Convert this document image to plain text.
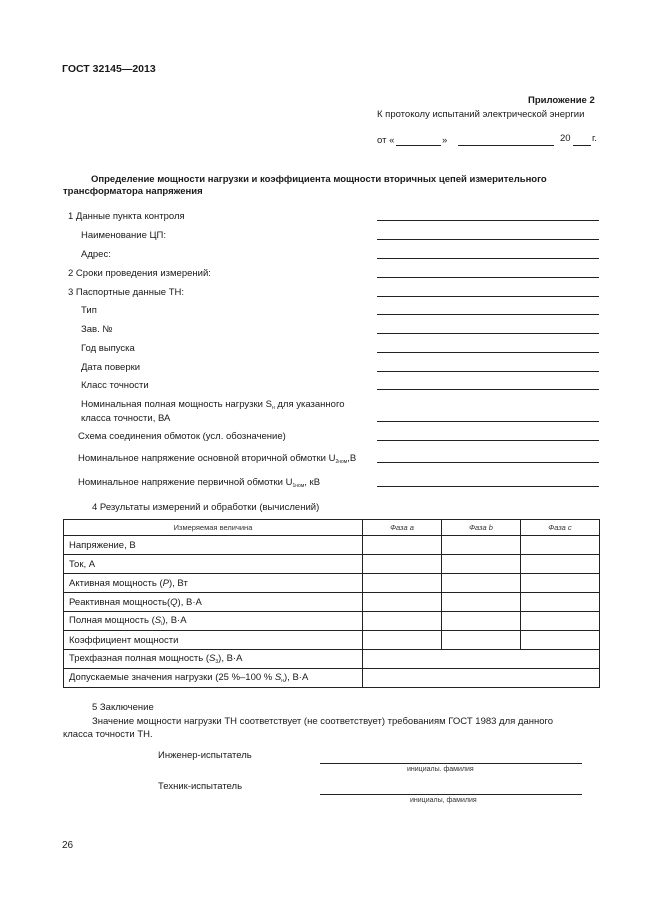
ГОСТ 32145—2013
Приложение 2
К протоколу испытаний электрической энергии
от «	»	20 г.
Определение мощности нагрузки и коэффициента мощности вторичных цепей измерительного
трансформатора напряжения
1 Данные пункта контроля
Наименование ЦП:
Адрес:
2 Сроки проведения измерений:
3 Паспортные данные ТН:
Тип
Зав. №
Год выпуска
Дата поверки
Класс точности
Номинальная полная мощность нагрузки $S_н$ для указанного
класса точности, ВА
Схема соединения обмоток (усл. обозначение)
Номинальное напряжение основной вторичной обмотки $U_{2ном},В$
Номинальное напряжение первичной обмотки $U_{1ном}$, кВ
4 Результаты измерений и обработки (вычислений)
Измеряемая величина	Фаза a	Фаза b	Фаза c
Напряжение, В			
Ток, А			
Активная мощность (P), Вт			
Реактивная мощность(Q), В·А			
Полная мощность $(S_i)$, В·А			
Коэффициент мощности			
Трехфазная полная мощность $(S_3)$, В·А			
Допускаемые значения нагрузки (25 %–100 % $S_н$), В·А			
5 Заключение
Значение мощности нагрузки ТН соответствует (не соответствует) требованиям ГОСТ 1983 для данного
класса точности ТН.
Инженер-испытатель
инициалы. фамилия
Техник-испытатель
инициалы, фамилия
26
